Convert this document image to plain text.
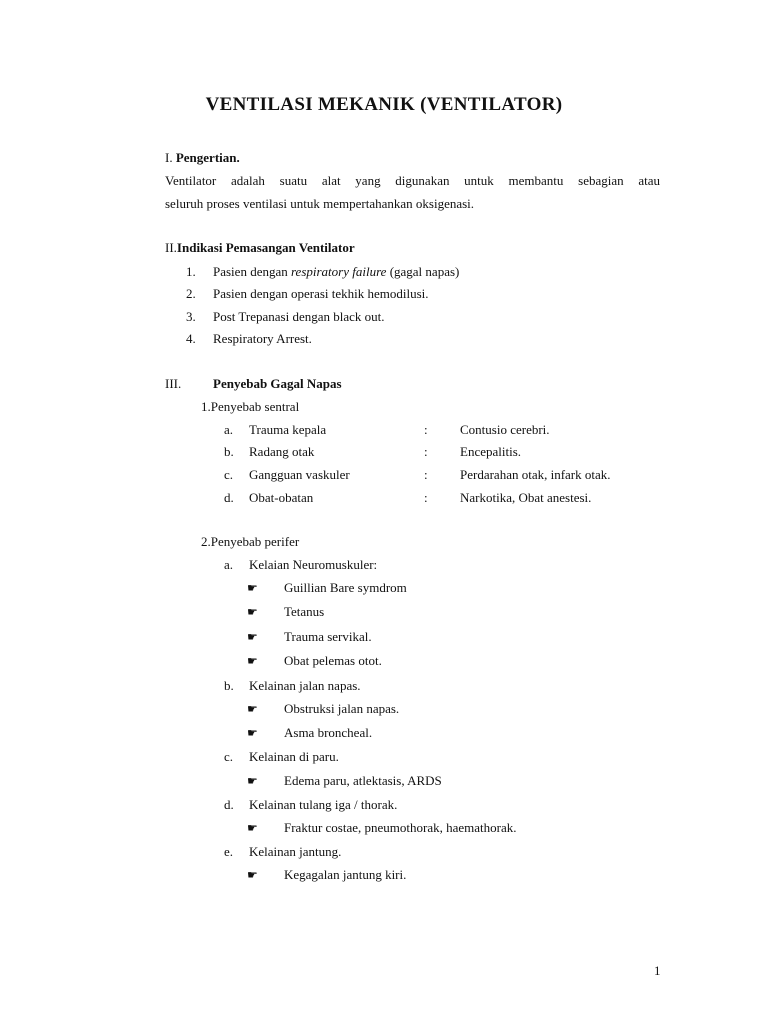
VENTILASI MEKANIK (VENTILATOR)
I. Pengertian.
Ventilator adalah suatu alat yang digunakan untuk membantu sebagian atau
seluruh proses ventilasi untuk mempertahankan oksigenasi.
II.Indikasi Pemasangan Ventilator
1. Pasien dengan respiratory failure (gagal napas)
2. Pasien dengan operasi tekhik hemodilusi.
3. Post Trepanasi dengan black out.
4. Respiratory Arrest.
III. Penyebab Gagal Napas
1.Penyebab sentral
a. Trauma kepala	: Contusio cerebri.
b. Radang otak	: Encepalitis.
c. Gangguan vaskuler	: Perdarahan otak, infark otak.
d. Obat-obatan	: Narkotika, Obat anestesi.
2.Penyebab perifer
a. Kelaian Neuromuskuler:
☛ Guillian Bare symdrom
☛ Tetanus
☛ Trauma servikal.
☛ Obat pelemas otot.
b. Kelainan jalan napas.
☛ Obstruksi jalan napas.
☛ Asma broncheal.
c. Kelainan di paru.
☛ Edema paru, atlektasis, ARDS
d. Kelainan tulang iga / thorak.
☛ Fraktur costae, pneumothorak, haemathorak.
e. Kelainan jantung.
☛ Kegagalan jantung kiri.
1
